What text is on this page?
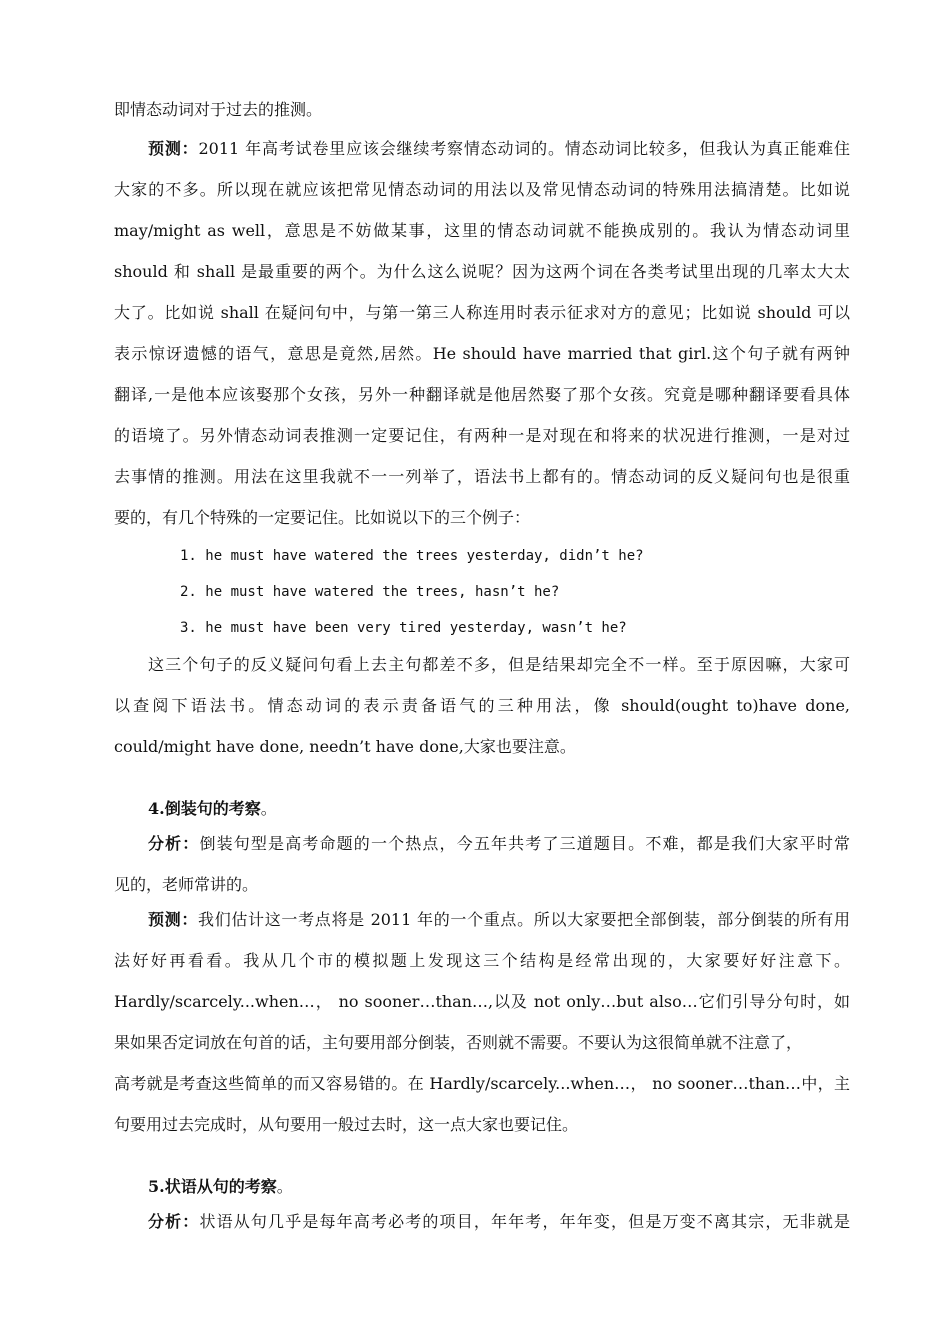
即情态动词对于过去的推测。
预测：2011 年高考试卷里应该会继续考察情态动词的。情态动词比较多，但我认为真正能难住
大家的不多。所以现在就应该把常见情态动词的用法以及常见情态动词的特殊用法搞清楚。比如说
may/might as well，意思是不妨做某事，这里的情态动词就不能换成别的。我认为情态动词里
should 和 shall 是最重要的两个。为什么这么说呢？因为这两个词在各类考试里出现的几率太大太
大了。比如说 shall 在疑问句中，与第一第三人称连用时表示征求对方的意见；比如说 should 可以
表示惊讶遗憾的语气，意思是竟然,居然。He should have married that girl.这个句子就有两钟
翻译,一是他本应该娶那个女孩，另外一种翻译就是他居然娶了那个女孩。究竟是哪种翻译要看具体
的语境了。另外情态动词表推测一定要记住，有两种一是对现在和将来的状况进行推测，一是对过
去事情的推测。用法在这里我就不一一列举了，语法书上都有的。情态动词的反义疑问句也是很重
要的，有几个特殊的一定要记住。比如说以下的三个例子：
1. he must have watered the trees yesterday, didn’t he?
2. he must have watered the trees, hasn’t he?
3. he must have been very tired yesterday, wasn’t he?
这三个句子的反义疑问句看上去主句都差不多，但是结果却完全不一样。至于原因嘛，大家可
以查阅下语法书。情态动词的表示责备语气的三种用法，像 should(ought to)have done,
could/might have done, needn’t have done,大家也要注意。
4.倒装句的考察。
分析：倒装句型是高考命题的一个热点，今五年共考了三道题目。不难，都是我们大家平时常
见的，老师常讲的。
预测：我们估计这一考点将是 2011 年的一个重点。所以大家要把全部倒装，部分倒装的所有用
法好好再看看。我从几个市的模拟题上发现这三个结构是经常出现的，大家要好好注意下。
Hardly/scarcely...when…， no sooner…than…,以及 not only…but also…它们引导分句时，如
果如果否定词放在句首的话，主句要用部分倒装，否则就不需要。不要认为这很简单就不注意了，
高考就是考查这些简单的而又容易错的。在 Hardly/scarcely...when…， no sooner…than…中，主
句要用过去完成时，从句要用一般过去时，这一点大家也要记住。
5.状语从句的考察。
分析：状语从句几乎是每年高考必考的项目，年年考，年年变，但是万变不离其宗，无非就是
